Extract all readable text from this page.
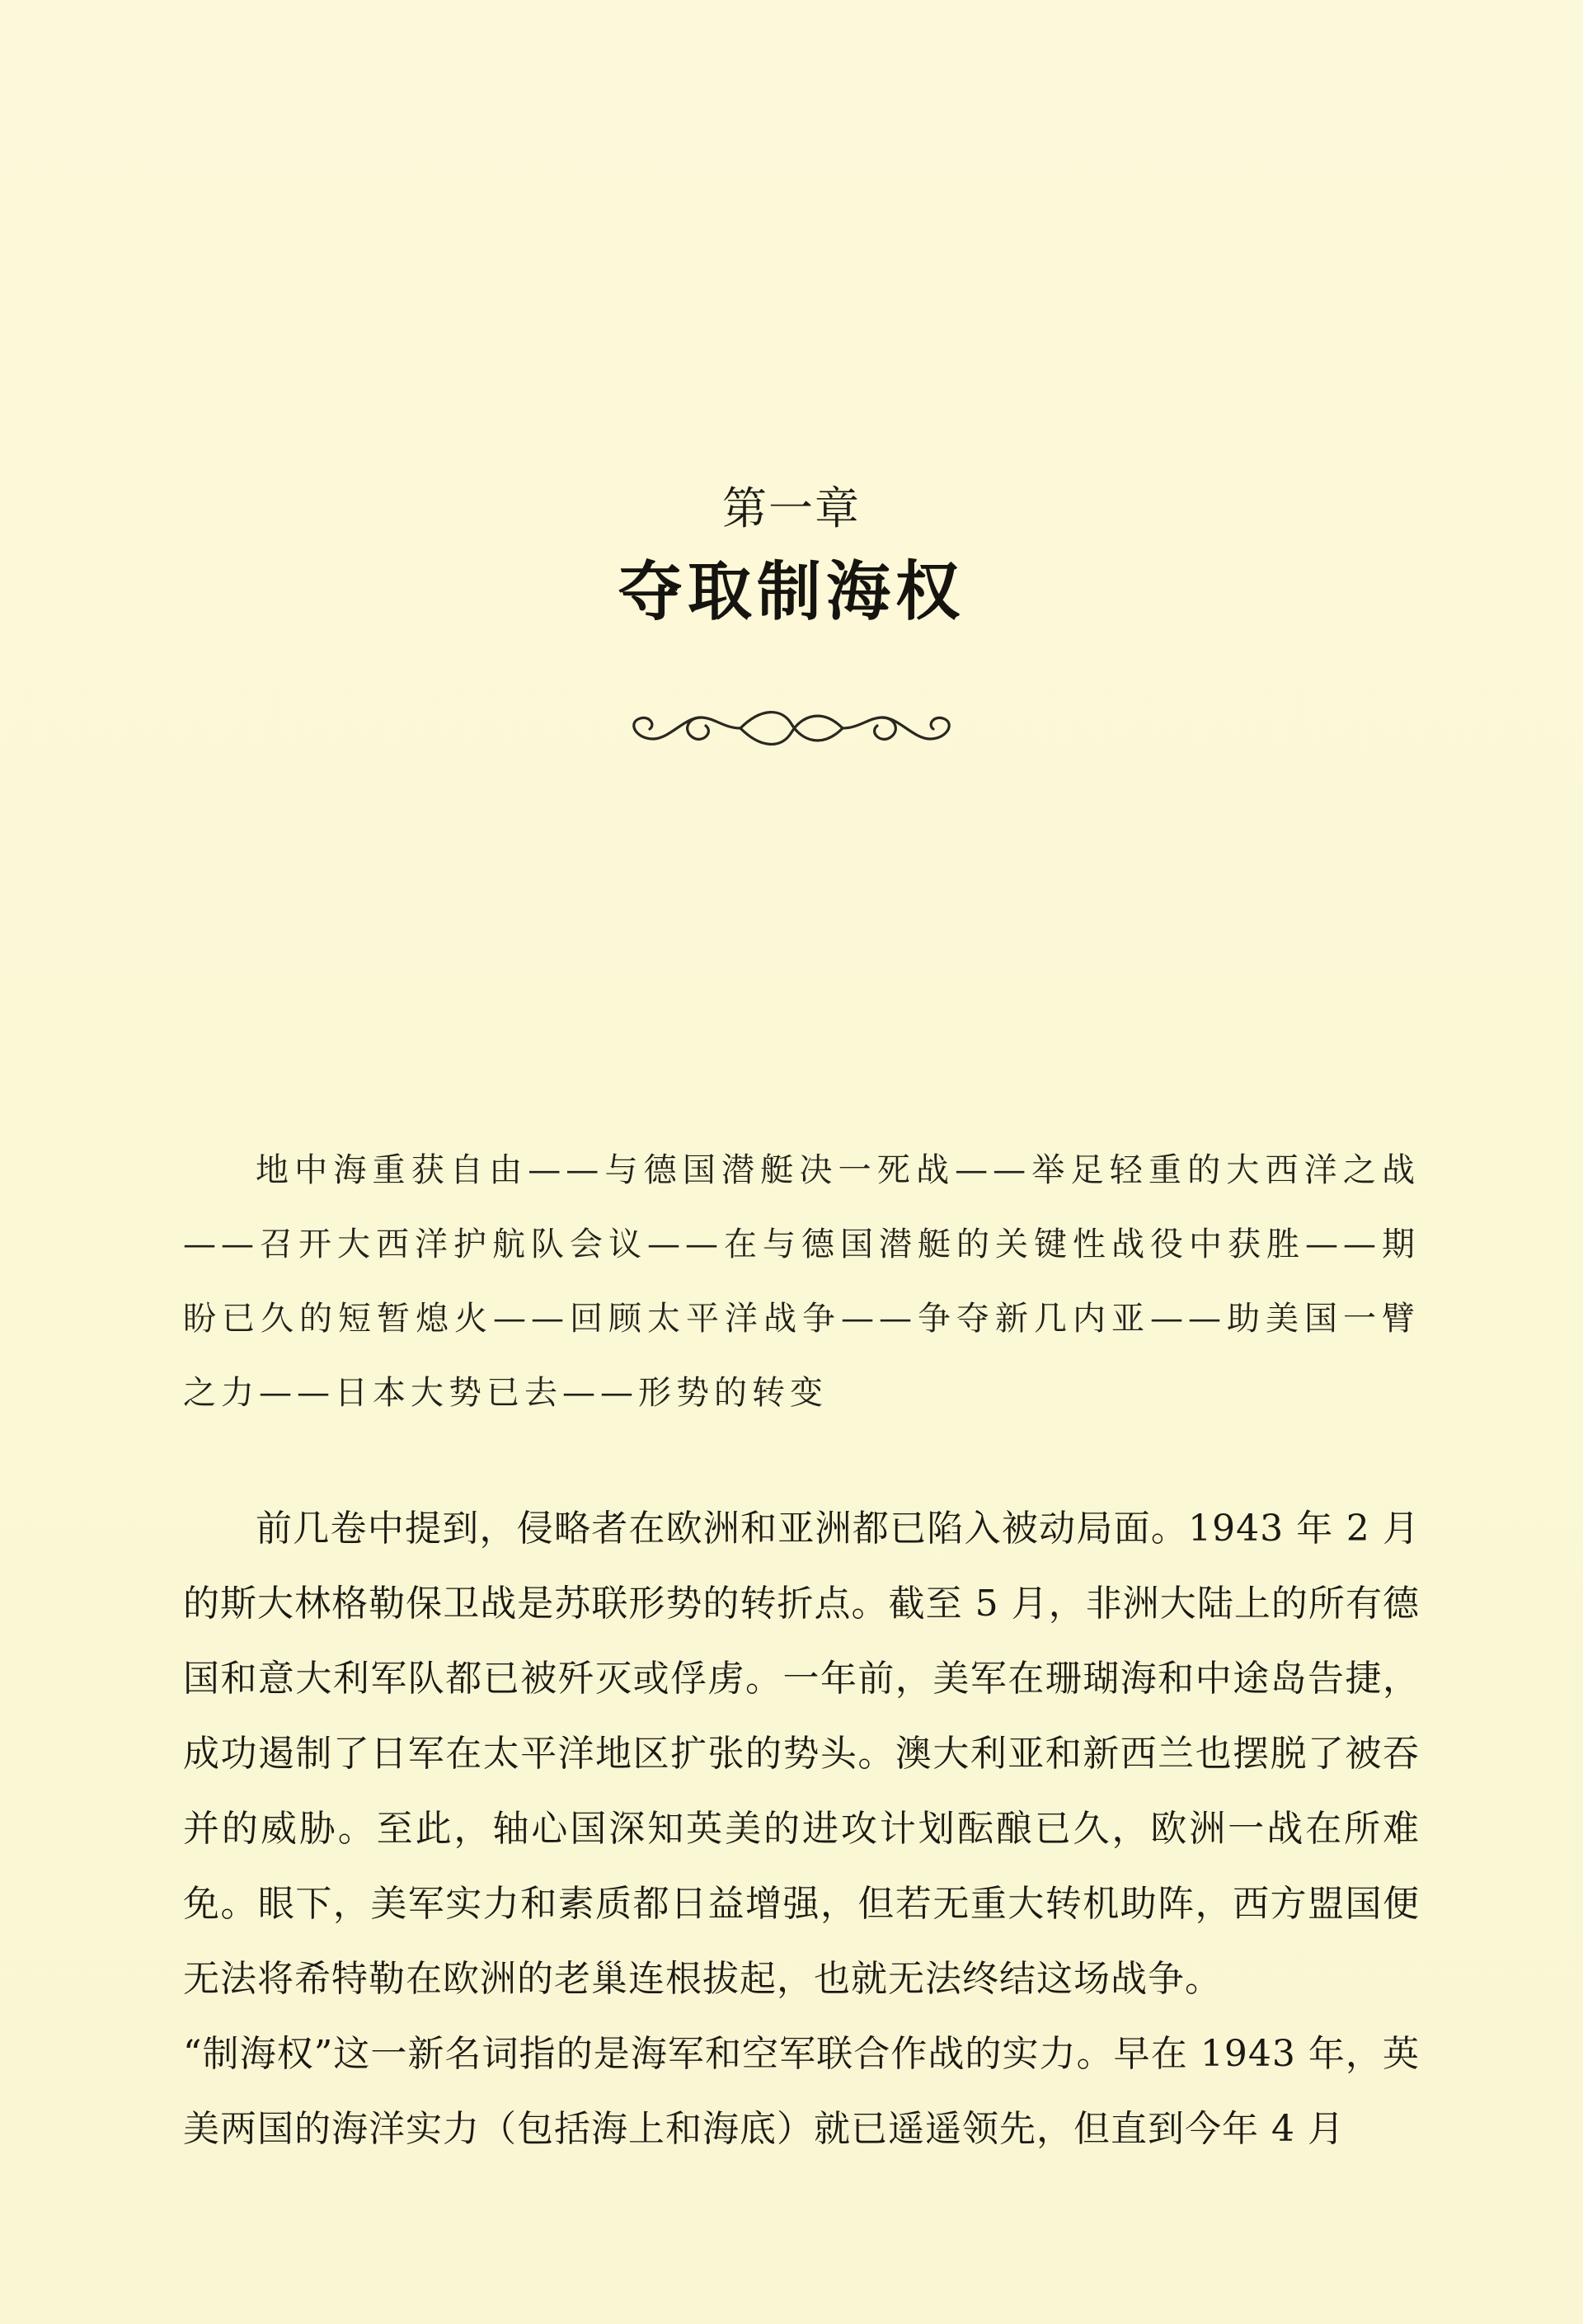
第一章
夺取制海权

地中海重获自由——与德国潜艇决一死战——举足轻重的大西洋之战——召开大西洋护航队会议——在与德国潜艇的关键性战役中获胜——期盼已久的短暂熄火——回顾太平洋战争——争夺新几内亚——助美国一臂之力——日本大势已去——形势的转变

前几卷中提到，侵略者在欧洲和亚洲都已陷入被动局面。1943 年 2 月的斯大林格勒保卫战是苏联形势的转折点。截至 5 月，非洲大陆上的所有德国和意大利军队都已被歼灭或俘虏。一年前，美军在珊瑚海和中途岛告捷，成功遏制了日军在太平洋地区扩张的势头。澳大利亚和新西兰也摆脱了被吞并的威胁。至此，轴心国深知英美的进攻计划酝酿已久，欧洲一战在所难免。眼下，美军实力和素质都日益增强，但若无重大转机助阵，西方盟国便无法将希特勒在欧洲的老巢连根拔起，也就无法终结这场战争。

“制海权”这一新名词指的是海军和空军联合作战的实力。早在 1943 年，英美两国的海洋实力（包括海上和海底）就已遥遥领先，但直到今年 4 月
